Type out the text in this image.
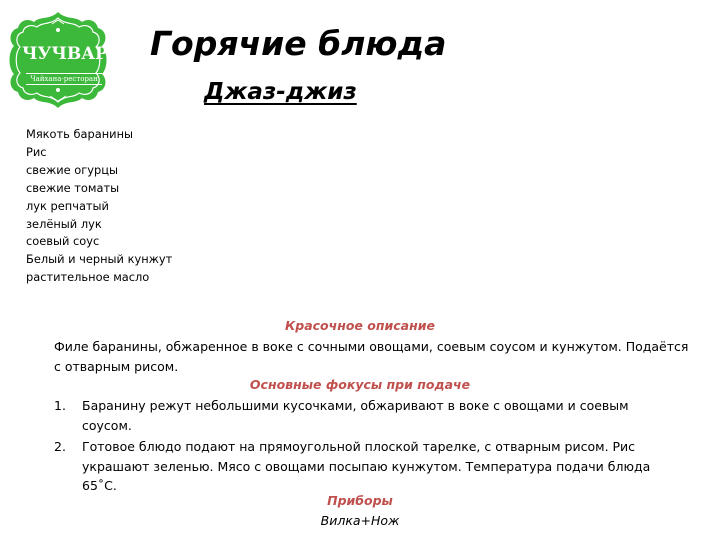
ЧУЧВАРА
Чайхана-ресторан
Горячие блюда
Джаз-джиз
Мякоть баранины
Рис
свежие огурцы
свежие томаты
лук репчатый
зелёный лук
соевый соус
Белый и черный кунжут
растительное масло
Красочное описание

Филе баранины, обжаренное в воке с сочными овощами, соевым соусом и кунжутом. Подаётся с отварным рисом.

Основные фокусы при подаче
1. Баранину режут небольшими кусочками, обжаривают в воке с овощами и соевым соусом.
2. Готовое блюдо подают на прямоугольной плоской тарелке, с отварным рисом. Рис украшают зеленью. Мясо с овощами посыпаю кунжутом. Температура подачи блюда 65˚С.
Приборы

Вилка+Нож
